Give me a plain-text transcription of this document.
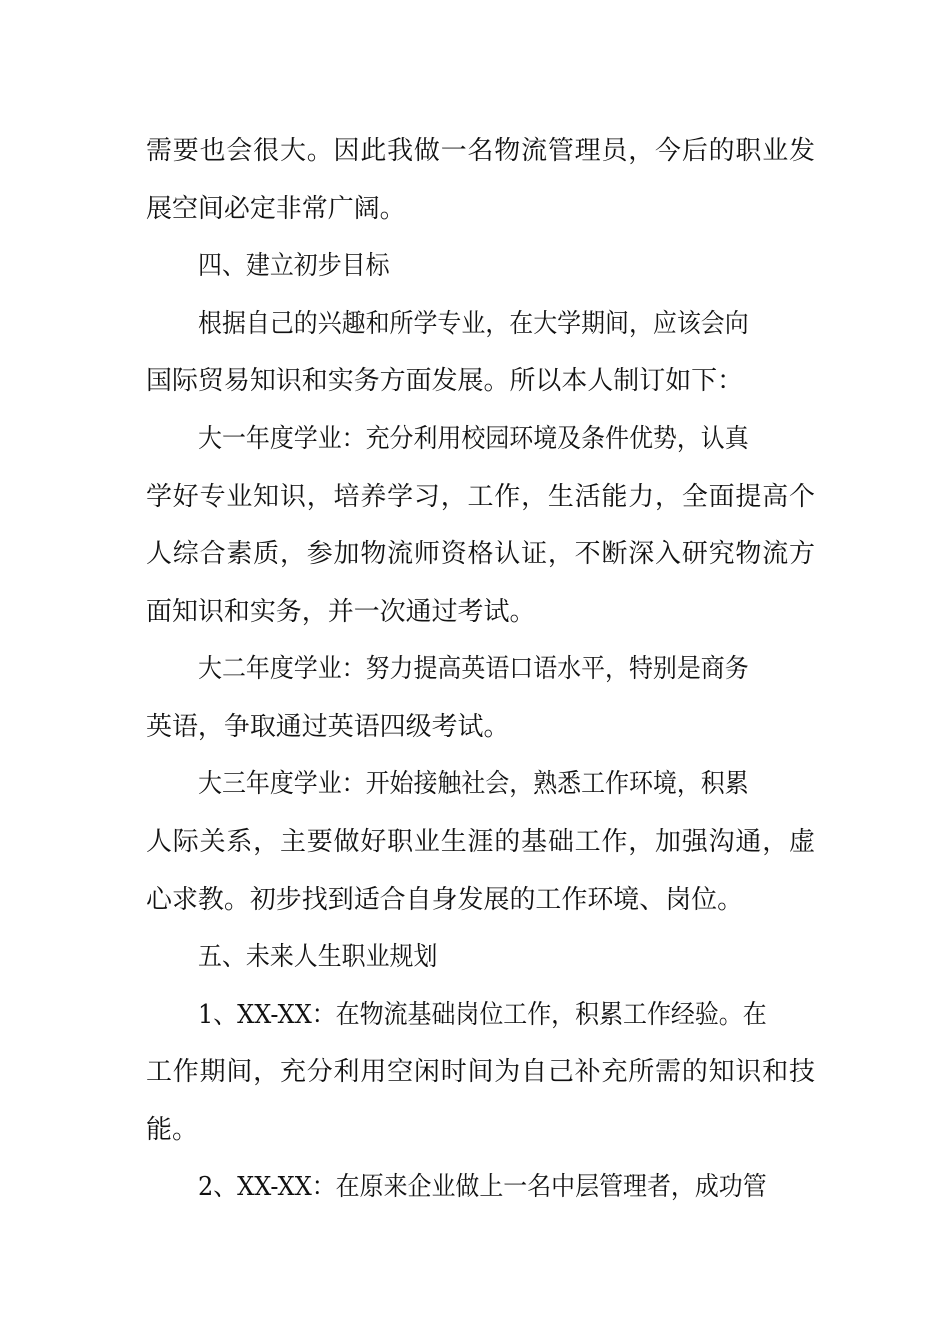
需要也会很大。因此我做一名物流管理员，今后的职业发
展空间必定非常广阔。
四、建立初步目标
根据自己的兴趣和所学专业，在大学期间，应该会向
国际贸易知识和实务方面发展。所以本人制订如下：
大一年度学业：充分利用校园环境及条件优势，认真
学好专业知识，培养学习，工作，生活能力，全面提高个
人综合素质，参加物流师资格认证，不断深入研究物流方
面知识和实务，并一次通过考试。
大二年度学业：努力提高英语口语水平，特别是商务
英语，争取通过英语四级考试。
大三年度学业：开始接触社会，熟悉工作环境，积累
人际关系，主要做好职业生涯的基础工作，加强沟通，虚
心求教。初步找到适合自身发展的工作环境、岗位。
五、未来人生职业规划
1、XX-XX：在物流基础岗位工作，积累工作经验。在
工作期间，充分利用空闲时间为自己补充所需的知识和技
能。
2、XX-XX：在原来企业做上一名中层管理者，成功管
